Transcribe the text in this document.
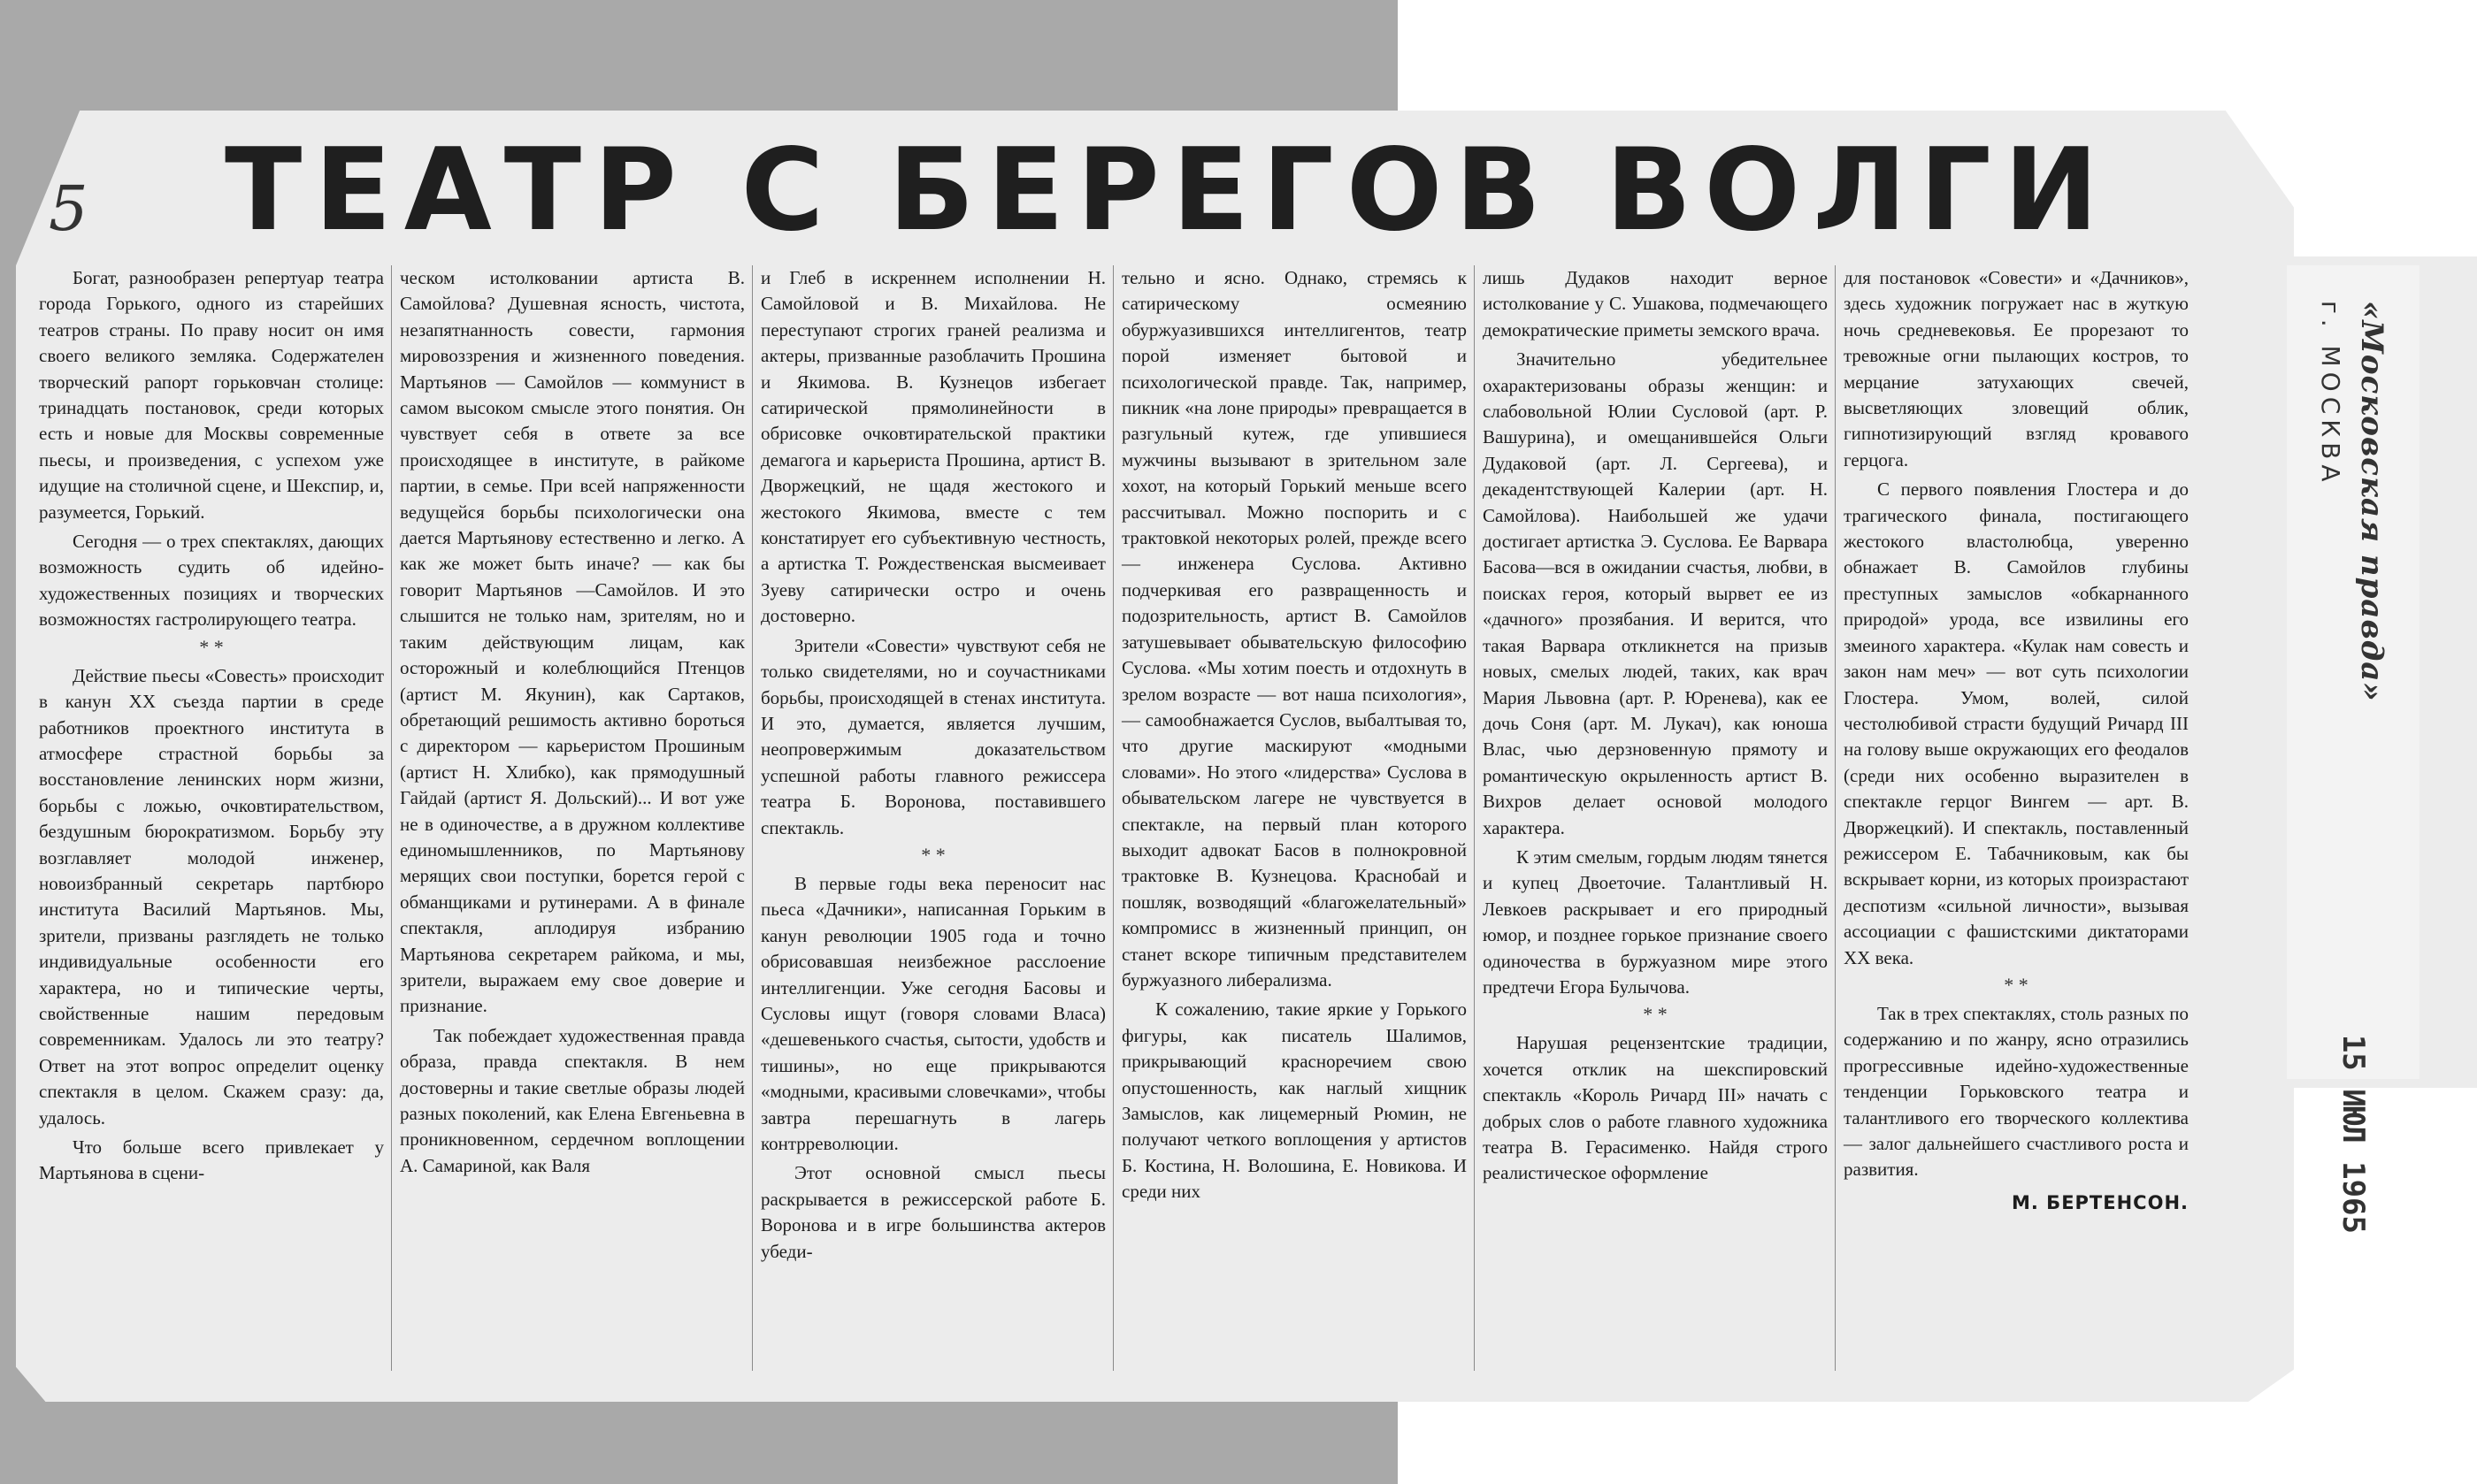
«Московская правда»
г. МОСКВА
15 ИЮЛ 1965
5	ТЕАТР С БЕРЕГОВ ВОЛГИ

Богат, разнообразен репертуар театра города Горького, одного из старейших театров страны. По праву носит он имя своего великого земляка. Содержателен творческий рапорт горьковчан столице: тринадцать постановок, среди которых есть и новые для Москвы современные пьесы, и произведения, с успехом уже идущие на столичной сцене, и Шекспир, и, разумеется, Горький.

Сегодня — о трех спектаклях, дающих возможность судить об идейно-художественных позициях и творческих возможностях гастролирующего театра.

* *

Действие пьесы «Совесть» происходит в канун XX съезда партии в среде работников проектного института в атмосфере страстной борьбы за восстановление ленинских норм жизни, борьбы с ложью, очковтирательством, бездушным бюрократизмом. Борьбу эту возглавляет молодой инженер, новоизбранный секретарь партбюро института Василий Мартьянов. Мы, зрители, призваны разглядеть не только индивидуальные особенности его характера, но и типические черты, свойственные нашим передовым современникам. Удалось ли это театру? Ответ на этот вопрос определит оценку спектакля в целом. Скажем сразу: да, удалось.

Что больше всего привлекает у Мартьянова в сцени-

ческом истолковании артиста В. Самойлова? Душевная ясность, чистота, незапятнанность совести, гармония мировоззрения и жизненного поведения. Мартьянов — Самойлов — коммунист в самом высоком смысле этого понятия. Он чувствует себя в ответе за все происходящее в институте, в райкоме партии, в семье. При всей напряженности ведущейся борьбы психологически она дается Мартьянову естественно и легко. А как же может быть иначе? — как бы говорит Мартьянов —Самойлов. И это слышится не только нам, зрителям, но и таким действующим лицам, как осторожный и колеблющийся Птенцов (артист М. Якунин), как Сартаков, обретающий решимость активно бороться с директором — карьеристом Прошиным (артист Н. Хлибко), как прямодушный Гайдай (артист Я. Дольский)... И вот уже не в одиночестве, а в дружном коллективе единомышленников, по Мартьянову мерящих свои поступки, борется герой с обманщиками и рутинерами. А в финале спектакля, аплодируя избранию Мартьянова секретарем райкома, и мы, зрители, выражаем ему свое доверие и признание.

Так побеждает художественная правда образа, правда спектакля. В нем достоверны и такие светлые образы людей разных поколений, как Елена Евгеньевна в проникновенном, сердечном воплощении А. Самариной, как Валя

и Глеб в искреннем исполнении Н. Самойловой и В. Михайлова. Не переступают строгих граней реализма и актеры, призванные разоблачить Прошина и Якимова. В. Кузнецов избегает сатирической прямолинейности в обрисовке очковтирательской практики демагога и карьериста Прошина, артист В. Дворжецкий, не щадя жестокого и жестокого Якимова, вместе с тем констатирует его субъективную честность, а артистка Т. Рождественская высмеивает Зуеву сатирически остро и очень достоверно.

Зрители «Совести» чувствуют себя не только свидетелями, но и соучастниками борьбы, происходящей в стенах института. И это, думается, является лучшим, неопровержимым доказательством успешной работы главного режиссера театра Б. Воронова, поставившего спектакль.

* *

В первые годы века переносит нас пьеса «Дачники», написанная Горьким в канун революции 1905 года и точно обрисовавшая неизбежное расслоение интеллигенции. Уже сегодня Басовы и Сусловы ищут (говоря словами Власа) «дешевенького счастья, сытости, удобств и тишины», но еще прикрываются «модными, красивыми словечками», чтобы завтра перешагнуть в лагерь контрреволюции.

Этот основной смысл пьесы раскрывается в режиссерской работе Б. Воронова и в игре большинства актеров убеди-

тельно и ясно. Однако, стремясь к сатирическому осмеянию обуржуазившихся интеллигентов, театр порой изменяет бытовой и психологической правде. Так, например, пикник «на лоне природы» превращается в разгульный кутеж, где упившиеся мужчины вызывают в зрительном зале хохот, на который Горький меньше всего рассчитывал. Можно поспорить и с трактовкой некоторых ролей, прежде всего — инженера Суслова. Активно подчеркивая его развращенность и подозрительность, артист В. Самойлов затушевывает обывательскую философию Суслова. «Мы хотим поесть и отдохнуть в зрелом возрасте — вот наша психология», — самообнажается Суслов, выбалтывая то, что другие маскируют «модными словами». Но этого «лидерства» Суслова в обывательском лагере не чувствуется в спектакле, на первый план которого выходит адвокат Басов в полнокровной трактовке В. Кузнецова. Краснобай и пошляк, возводящий «благожелательный» компромисс в жизненный принцип, он станет вскоре типичным представителем буржуазного либерализма.

К сожалению, такие яркие у Горького фигуры, как писатель Шалимов, прикрывающий красноречием свою опустошенность, как наглый хищник Замыслов, как лицемерный Рюмин, не получают четкого воплощения у артистов Б. Костина, Н. Волошина, Е. Новикова. И среди них

лишь Дудаков находит верное истолкование у С. Ушакова, подмечающего демократические приметы земского врача.

Значительно убедительнее охарактеризованы образы женщин: и слабовольной Юлии Сусловой (арт. Р. Вашурина), и омещанившейся Ольги Дудаковой (арт. Л. Сергеева), и декадентствующей Калерии (арт. Н. Самойлова). Наибольшей же удачи достигает артистка Э. Суслова. Ее Варвара Басова—вся в ожидании счастья, любви, в поисках героя, который вырвет ее из «дачного» прозябания. И верится, что такая Варвара откликнется на призыв новых, смелых людей, таких, как врач Мария Львовна (арт. Р. Юренева), как ее дочь Соня (арт. М. Лукач), как юноша Влас, чью дерзновенную прямоту и романтическую окрыленность артист В. Вихров делает основой молодого характера.

К этим смелым, гордым людям тянется и купец Двоеточие. Талантливый Н. Левкоев раскрывает и его природный юмор, и позднее горькое признание своего одиночества в буржуазном мире этого предтечи Егора Булычова.

* *

Нарушая рецензентские традиции, хочется отклик на шекспировский спектакль «Король Ричард III» начать с добрых слов о работе главного художника театра В. Герасименко. Найдя строго реалистическое оформление

для постановок «Совести» и «Дачников», здесь художник погружает нас в жуткую ночь средневековья. Ее прорезают то тревожные огни пылающих костров, то мерцание затухающих свечей, высветляющих зловещий облик, гипнотизирующий взгляд кровавого герцога.

С первого появления Глостера и до трагического финала, постигающего жестокого властолюбца, уверенно обнажает В. Самойлов глубины преступных замыслов «обкарнанного природой» урода, все извилины его змеиного характера. «Кулак нам совесть и закон нам меч» — вот суть психологии Глостера. Умом, волей, силой честолюбивой страсти будущий Ричард III на голову выше окружающих его феодалов (среди них особенно выразителен в спектакле герцог Вингем — арт. В. Дворжецкий). И спектакль, поставленный режиссером Е. Табачниковым, как бы вскрывает корни, из которых произрастают деспотизм «сильной личности», вызывая ассоциации с фашистскими диктаторами XX века.

* *

Так в трех спектаклях, столь разных по содержанию и по жанру, ясно отразились прогрессивные идейно-художественные тенденции Горьковского театра и талантливого его творческого коллектива — залог дальнейшего счастливого роста и развития.

М. БЕРТЕНСОН.
